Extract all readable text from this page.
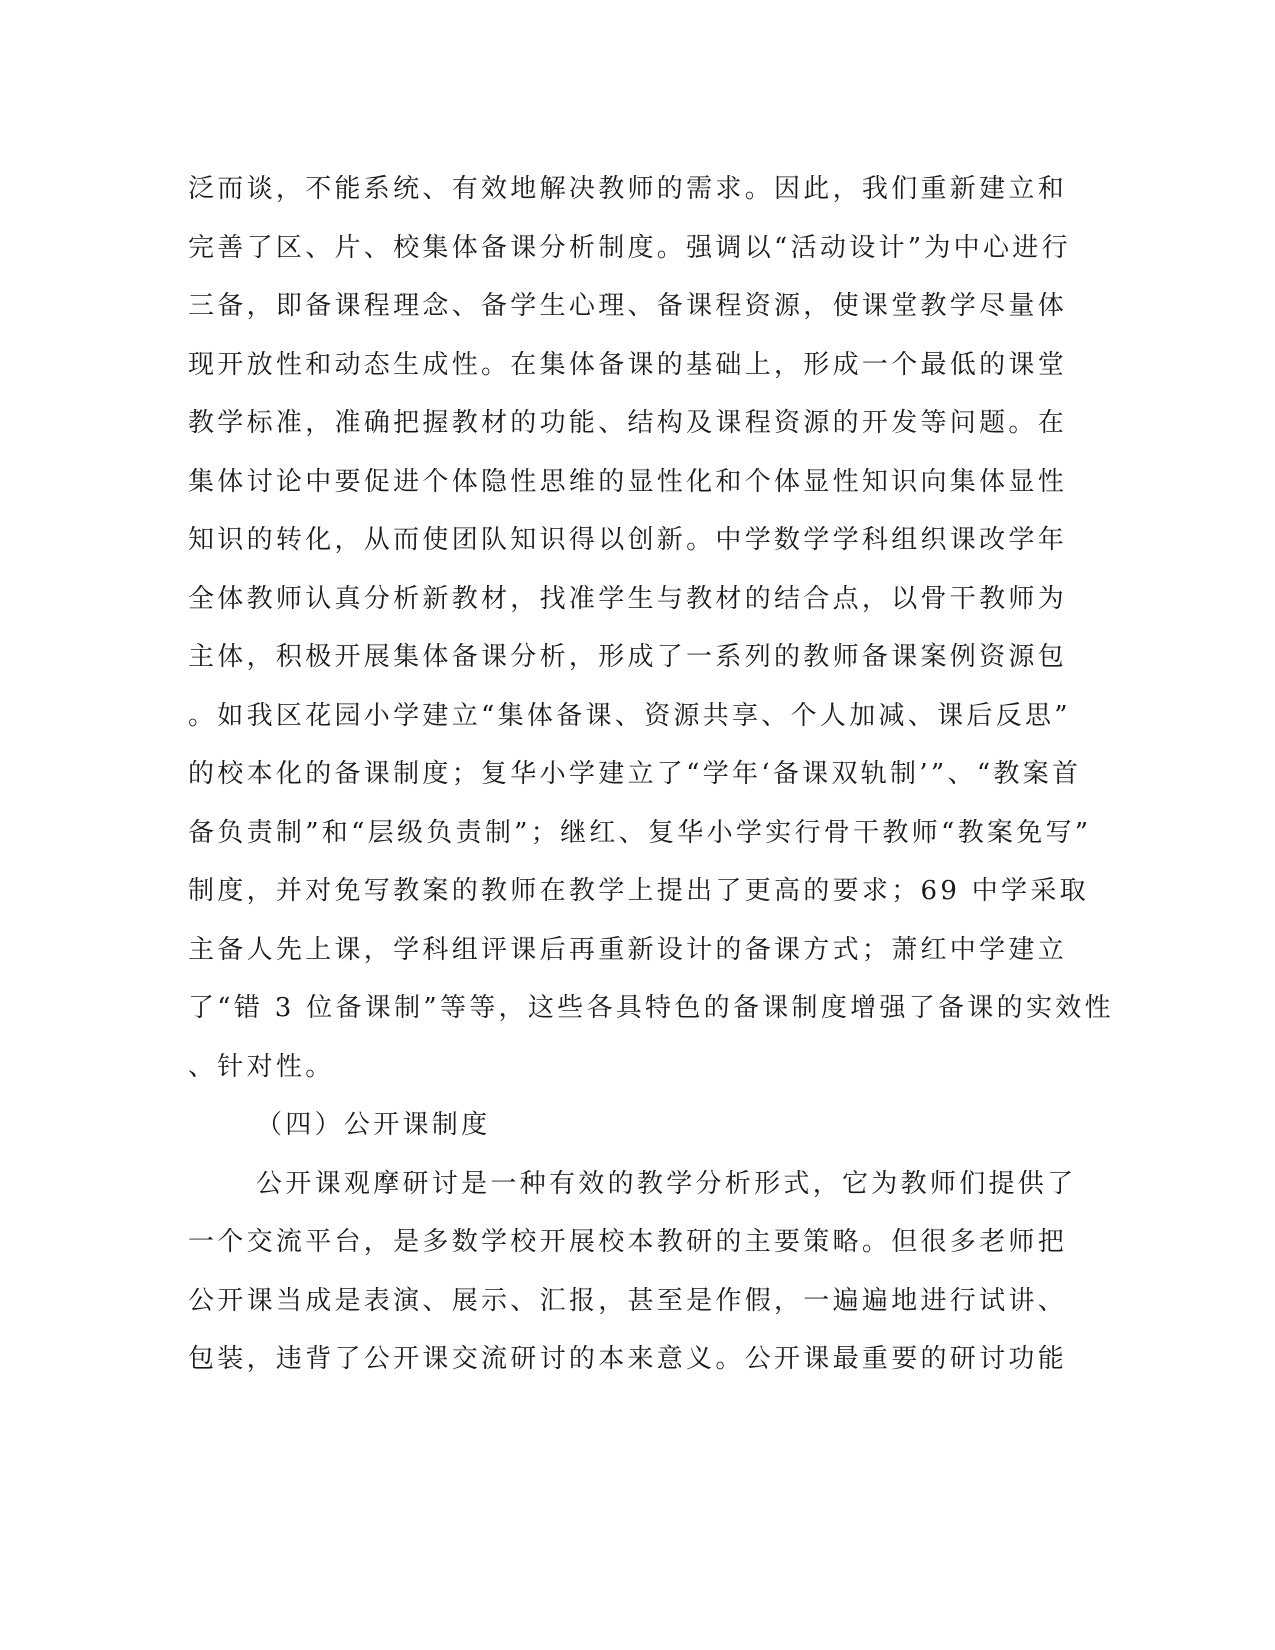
泛而谈，不能系统、有效地解决教师的需求。因此，我们重新建立和
完善了区、片、校集体备课分析制度。强调以“活动设计”为中心进行
三备，即备课程理念、备学生心理、备课程资源，使课堂教学尽量体
现开放性和动态生成性。在集体备课的基础上，形成一个最低的课堂
教学标准，准确把握教材的功能、结构及课程资源的开发等问题。在
集体讨论中要促进个体隐性思维的显性化和个体显性知识向集体显性
知识的转化，从而使团队知识得以创新。中学数学学科组织课改学年
全体教师认真分析新教材，找准学生与教材的结合点，以骨干教师为
主体，积极开展集体备课分析，形成了一系列的教师备课案例资源包
。如我区花园小学建立“集体备课、资源共享、个人加减、课后反思”
的校本化的备课制度；复华小学建立了“学年‘备课双轨制’”、“教案首
备负责制”和“层级负责制”；继红、复华小学实行骨干教师“教案免写”
制度，并对免写教案的教师在教学上提出了更高的要求；69 中学采取
主备人先上课，学科组评课后再重新设计的备课方式；萧红中学建立
了“错 3 位备课制”等等，这些各具特色的备课制度增强了备课的实效性
、针对性。
（四）公开课制度
公开课观摩研讨是一种有效的教学分析形式，它为教师们提供了
一个交流平台，是多数学校开展校本教研的主要策略。但很多老师把
公开课当成是表演、展示、汇报，甚至是作假，一遍遍地进行试讲、
包装，违背了公开课交流研讨的本来意义。公开课最重要的研讨功能
